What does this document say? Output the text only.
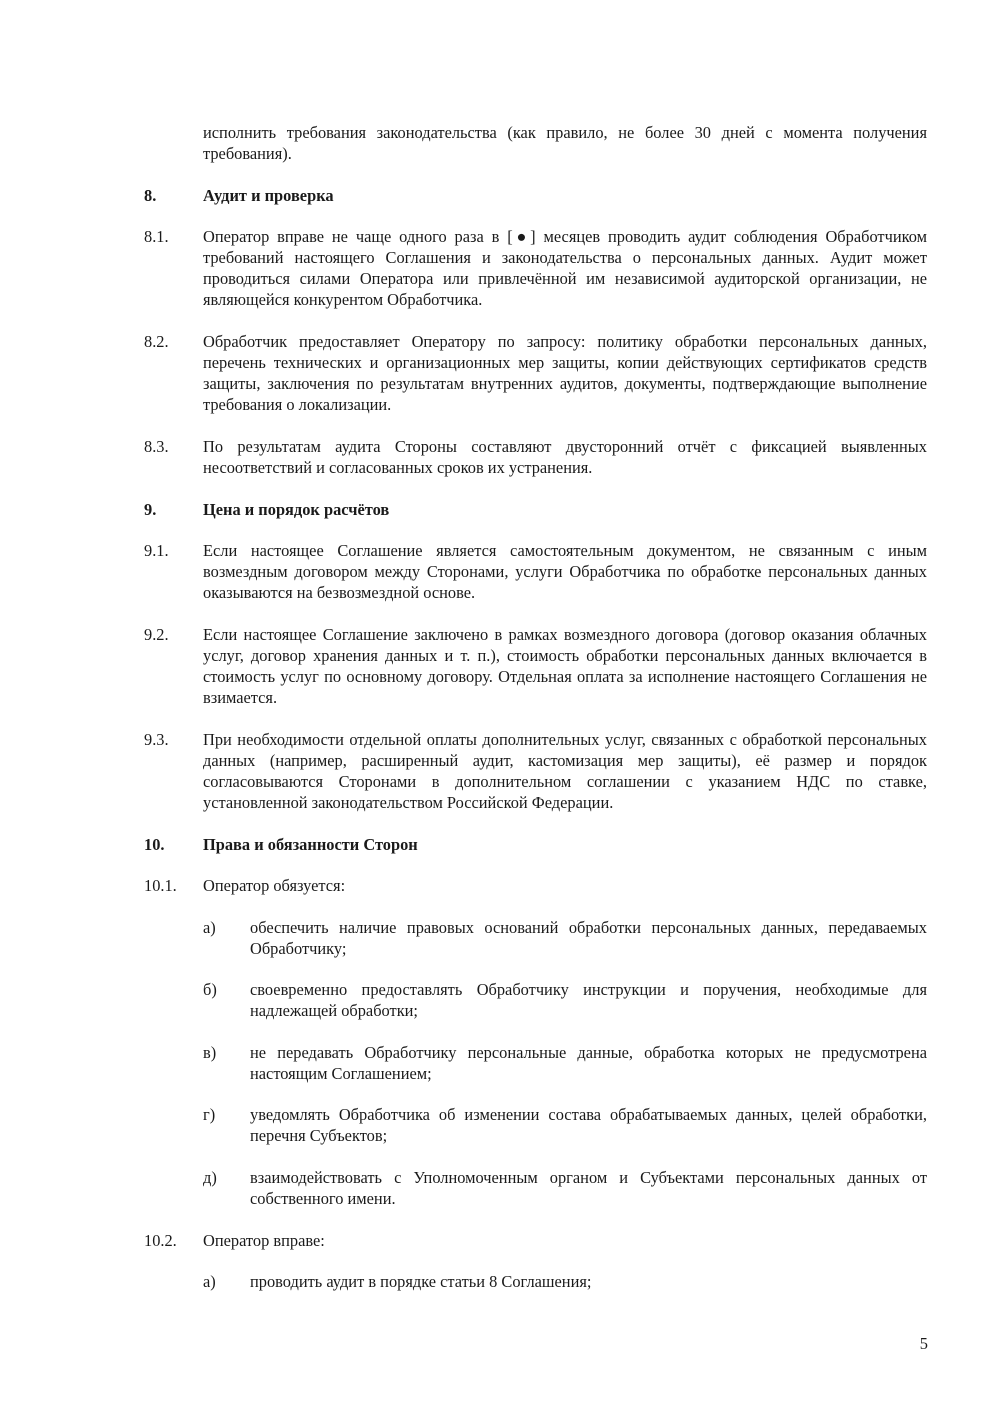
исполнить требования законодательства (как правило, не более 30 дней с момента получения требования).
8.	Аудит и проверка
8.1. Оператор вправе не чаще одного раза в [●] месяцев проводить аудит соблюдения Обработчиком требований настоящего Соглашения и законодательства о персональных данных. Аудит может проводиться силами Оператора или привлечённой им независимой аудиторской организации, не являющейся конкурентом Обработчика.
8.2. Обработчик предоставляет Оператору по запросу: политику обработки персональных данных, перечень технических и организационных мер защиты, копии действующих сертификатов средств защиты, заключения по результатам внутренних аудитов, документы, подтверждающие выполнение требования о локализации.
8.3. По результатам аудита Стороны составляют двусторонний отчёт с фиксацией выявленных несоответствий и согласованных сроков их устранения.
9.	Цена и порядок расчётов
9.1. Если настоящее Соглашение является самостоятельным документом, не связанным с иным возмездным договором между Сторонами, услуги Обработчика по обработке персональных данных оказываются на безвозмездной основе.
9.2. Если настоящее Соглашение заключено в рамках возмездного договора (договор оказания облачных услуг, договор хранения данных и т. п.), стоимость обработки персональных данных включается в стоимость услуг по основному договору. Отдельная оплата за исполнение настоящего Соглашения не взимается.
9.3. При необходимости отдельной оплаты дополнительных услуг, связанных с обработкой персональных данных (например, расширенный аудит, кастомизация мер защиты), её размер и порядок согласовываются Сторонами в дополнительном соглашении с указанием НДС по ставке, установленной законодательством Российской Федерации.
10. Права и обязанности Сторон
10.1. Оператор обязуется:
а) обеспечить наличие правовых оснований обработки персональных данных, передаваемых Обработчику;
б) своевременно предоставлять Обработчику инструкции и поручения, необходимые для надлежащей обработки;
в) не передавать Обработчику персональные данные, обработка которых не предусмотрена настоящим Соглашением;
г) уведомлять Обработчика об изменении состава обрабатываемых данных, целей обработки, перечня Субъектов;
д) взаимодействовать с Уполномоченным органом и Субъектами персональных данных от собственного имени.
10.2. Оператор вправе:
а) проводить аудит в порядке статьи 8 Соглашения;
5
